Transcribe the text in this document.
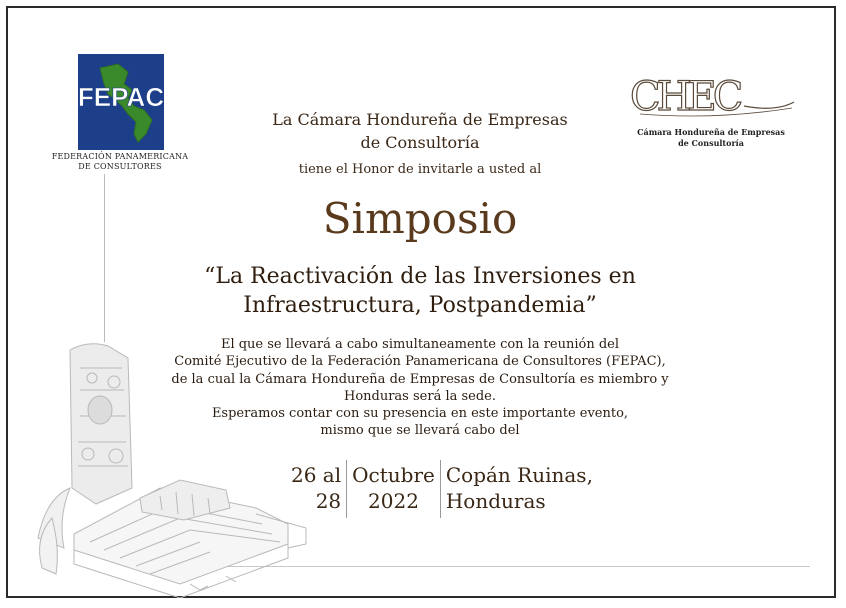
FEPAC
FEDERACIÓN PANAMERICANA
DE CONSULTORES
CHEC
Cámara Hondureña de Empresas
de Consultoría
La Cámara Hondureña de Empresas
de Consultoría
tiene el Honor de invitarle a usted al
Simposio
“La Reactivación de las Inversiones en
Infraestructura, Postpandemia”
El que se llevará a cabo simultaneamente con la reunión del
Comité Ejecutivo de la Federación Panamericana de Consultores (FEPAC),
de la cual la Cámara Hondureña de Empresas de Consultoría es miembro y
Honduras será la sede.
Esperamos contar con su presencia en este importante evento,
mismo que se llevará cabo del
26 al
28
Octubre
2022
Copán Ruinas,
Honduras
